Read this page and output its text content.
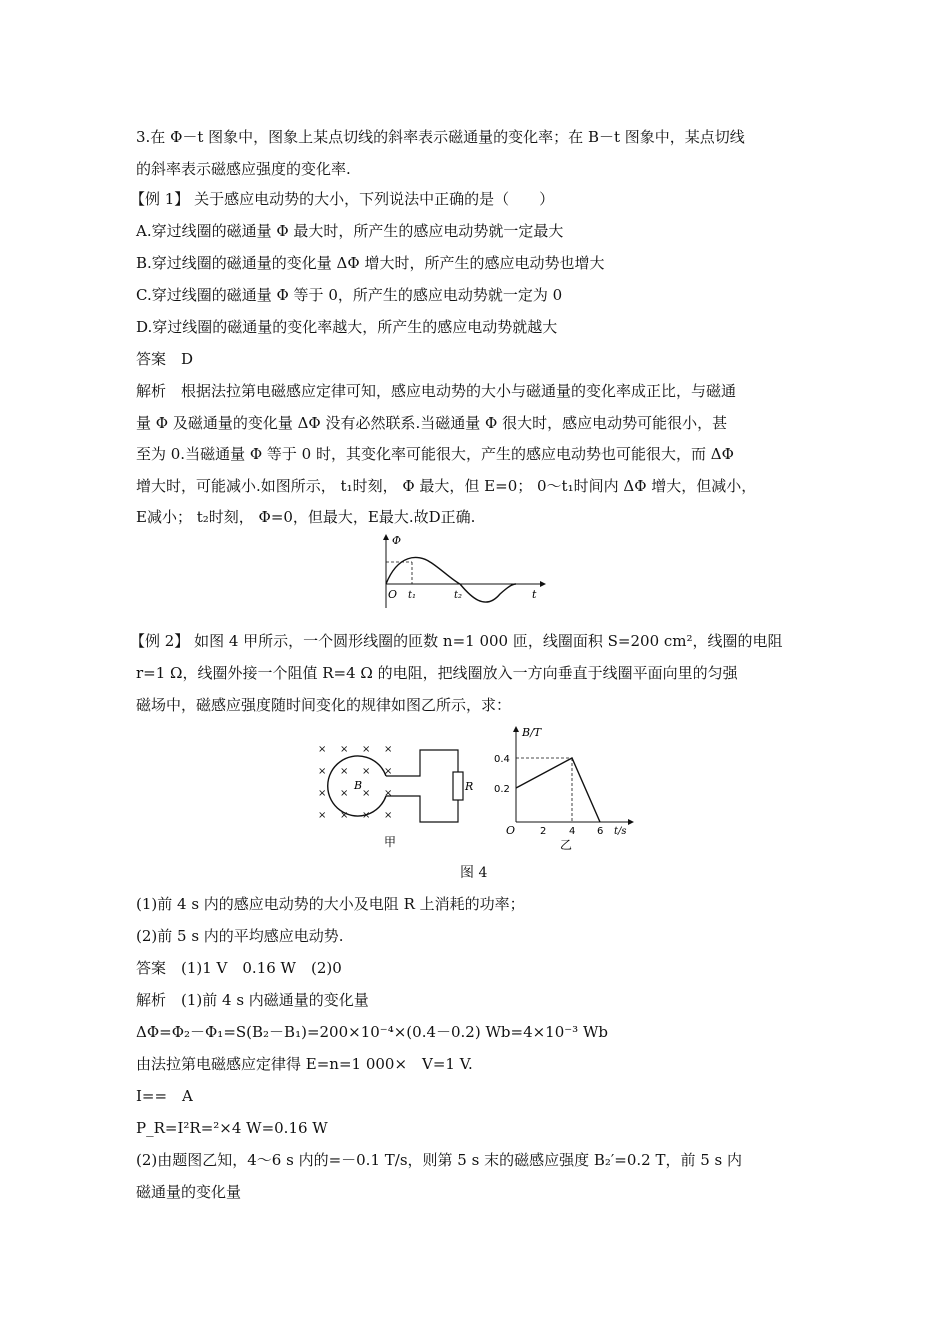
3.在 Φ－t 图象中，图象上某点切线的斜率表示磁通量的变化率；在 B－t 图象中，某点切线
的斜率表示磁感应强度的变化率.
【例 1】 关于感应电动势的大小，下列说法中正确的是（　　）
A.穿过线圈的磁通量 Φ 最大时，所产生的感应电动势就一定最大
B.穿过线圈的磁通量的变化量 ΔΦ 增大时，所产生的感应电动势也增大
C.穿过线圈的磁通量 Φ 等于 0，所产生的感应电动势就一定为 0
D.穿过线圈的磁通量的变化率越大，所产生的感应电动势就越大
答案　D
解析　根据法拉第电磁感应定律可知，感应电动势的大小与磁通量的变化率成正比，与磁通
量 Φ 及磁通量的变化量 ΔΦ 没有必然联系.当磁通量 Φ 很大时，感应电动势可能很小，甚
至为 0.当磁通量 Φ 等于 0 时，其变化率可能很大，产生的感应电动势也可能很大，而 ΔΦ
增大时，可能减小.如图所示， t₁时刻， Φ 最大，但 E=0； 0～t₁时间内 ΔΦ 增大，但减小，
E减小； t₂时刻， Φ=0，但最大，E最大.故D正确.
Φ
t
O t₁	t₂
【例 2】 如图 4 甲所示，一个圆形线圈的匝数 n=1 000 匝，线圈面积 S=200 cm²，线圈的电阻
r=1 Ω，线圈外接一个阻值 R=4 Ω 的电阻，把线圈放入一方向垂直于线圈平面向里的匀强
磁场中，磁感应强度随时间变化的规律如图乙所示，求：
× × × ×
× × × ×
× × × ×
× × × ×
B	R
甲
B/T
0.4
0.2
O 2 4 6 t/s
乙
图 4
(1)前 4 s 内的感应电动势的大小及电阻 R 上消耗的功率；
(2)前 5 s 内的平均感应电动势.
答案　(1)1 V　0.16 W　(2)0
解析　(1)前 4 s 内磁通量的变化量
ΔΦ=Φ₂－Φ₁=S(B₂－B₁)=200×10⁻⁴×(0.4－0.2) Wb=4×10⁻³ Wb
由法拉第电磁感应定律得 E=n=1 000×　V=1 V.
I==　A
P_R=I²R=²×4 W=0.16 W
(2)由题图乙知，4～6 s 内的=－0.1 T/s，则第 5 s 末的磁感应强度 B₂′=0.2 T，前 5 s 内
磁通量的变化量
